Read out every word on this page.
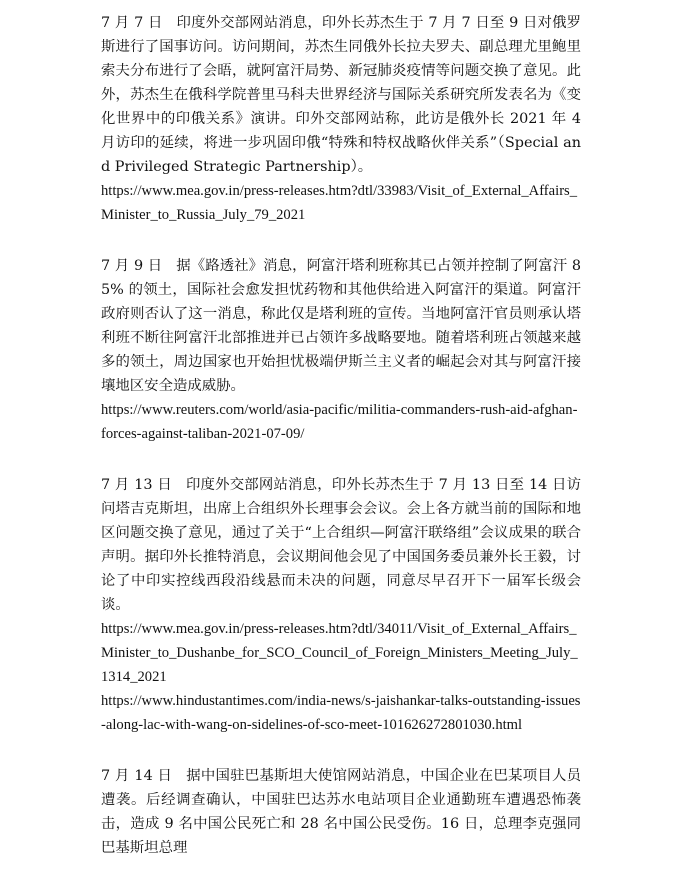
7 月 7 日 印度外交部网站消息，印外长苏杰生于 7 月 7 日至 9 日对俄罗斯进行了国事访问。访问期间，苏杰生同俄外长拉夫罗夫、副总理尤里鲍里索夫分布进行了会晤，就阿富汗局势、新冠肺炎疫情等问题交换了意见。此外，苏杰生在俄科学院普里马科夫世界经济与国际关系研究所发表名为《变化世界中的印俄关系》演讲。印外交部网站称，此访是俄外长 2021 年 4 月访印的延续，将进一步巩固印俄“特殊和特权战略伙伴关系”（Special and Privileged Strategic Partnership）。

https://www.mea.gov.in/press-releases.htm?dtl/33983/Visit_of_External_Affairs_Minister_to_Russia_July_79_2021

7 月 9 日 据《路透社》消息，阿富汗塔利班称其已占领并控制了阿富汗 85% 的领土，国际社会愈发担忧药物和其他供给进入阿富汗的渠道。阿富汗政府则否认了这一消息，称此仅是塔利班的宣传。当地阿富汗官员则承认塔利班不断往阿富汗北部推进并已占领许多战略要地。随着塔利班占领越来越多的领土，周边国家也开始担忧极端伊斯兰主义者的崛起会对其与阿富汗接壤地区安全造成威胁。

https://www.reuters.com/world/asia-pacific/militia-commanders-rush-aid-afghan-forces-against-taliban-2021-07-09/

7 月 13 日 印度外交部网站消息，印外长苏杰生于 7 月 13 日至 14 日访问塔吉克斯坦，出席上合组织外长理事会会议。会上各方就当前的国际和地区问题交换了意见，通过了关于“上合组织—阿富汗联络组”会议成果的联合声明。据印外长推特消息，会议期间他会见了中国国务委员兼外长王毅，讨论了中印实控线西段沿线悬而未决的问题，同意尽早召开下一届军长级会谈。

https://www.mea.gov.in/press-releases.htm?dtl/34011/Visit_of_External_Affairs_Minister_to_Dushanbe_for_SCO_Council_of_Foreign_Ministers_Meeting_July_1314_2021

https://www.hindustantimes.com/india-news/s-jaishankar-talks-outstanding-issues-along-lac-with-wang-on-sidelines-of-sco-meet-101626272801030.html

7 月 14 日 据中国驻巴基斯坦大使馆网站消息，中国企业在巴某项目人员遭袭。后经调查确认，中国驻巴达苏水电站项目企业通勤班车遭遇恐怖袭击，造成 9 名中国公民死亡和 28 名中国公民受伤。16 日，总理李克强同巴基斯坦总理
